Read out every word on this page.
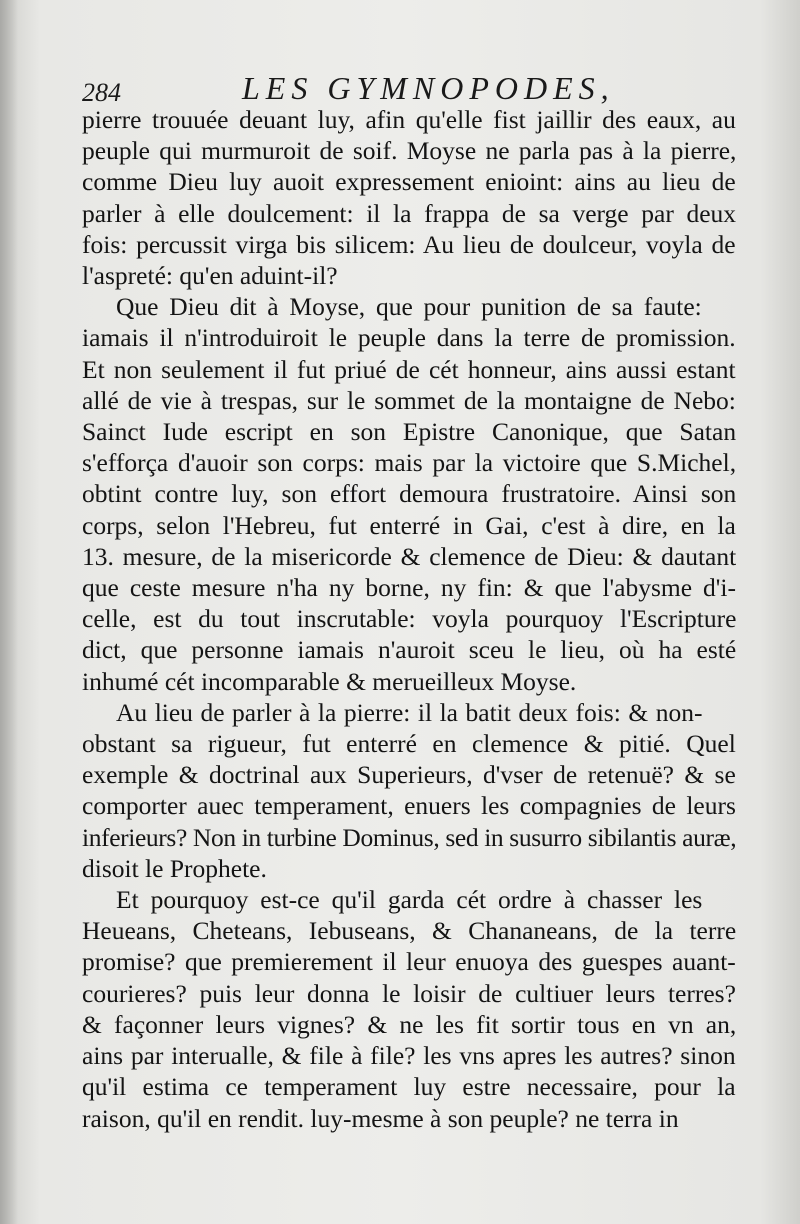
284	LES GYMNOPODES,
pierre trouuée deuant luy, afin qu'elle fist jaillir des eaux, au
peuple qui murmuroit de soif. Moyse ne parla pas à la pierre,
comme Dieu luy auoit expressement enioint: ains au lieu de
parler à elle doulcement: il la frappa de sa verge par deux
fois: percussit virga bis silicem: Au lieu de doulceur, voyla de
l'aspreté: qu'en aduint-il?
Que Dieu dit à Moyse, que pour punition de sa faute:
iamais il n'introduiroit le peuple dans la terre de promission.
Et non seulement il fut priué de cét honneur, ains aussi estant
allé de vie à trespas, sur le sommet de la montaigne de Nebo:
Sainct Iude escript en son Epistre Canonique, que Satan
s'efforça d'auoir son corps: mais par la victoire que S.Michel,
obtint contre luy, son effort demoura frustratoire. Ainsi son
corps, selon l'Hebreu, fut enterré in Gai, c'est à dire, en la
13. mesure, de la misericorde & clemence de Dieu: & dautant
que ceste mesure n'ha ny borne, ny fin: & que l'abysme d'i-
celle, est du tout inscrutable: voyla pourquoy l'Escripture
dict, que personne iamais n'auroit sceu le lieu, où ha esté
inhumé cét incomparable & merueilleux Moyse.
Au lieu de parler à la pierre: il la batit deux fois: & non-
obstant sa rigueur, fut enterré en clemence & pitié. Quel
exemple & doctrinal aux Superieurs, d'vser de retenuë? & se
comporter auec temperament, enuers les compagnies de leurs
inferieurs? Non in turbine Dominus, sed in susurro sibilantis auræ,
disoit le Prophete.
Et pourquoy est-ce qu'il garda cét ordre à chasser les
Heueans, Cheteans, Iebuseans, & Chananeans, de la terre
promise? que premierement il leur enuoya des guespes auant-
courieres? puis leur donna le loisir de cultiuer leurs terres?
& façonner leurs vignes? & ne les fit sortir tous en vn an,
ains par interualle, & file à file? les vns apres les autres? sinon
qu'il estima ce temperament luy estre necessaire, pour la
raison, qu'il en rendit. luy-mesme à son peuple? ne terra in
